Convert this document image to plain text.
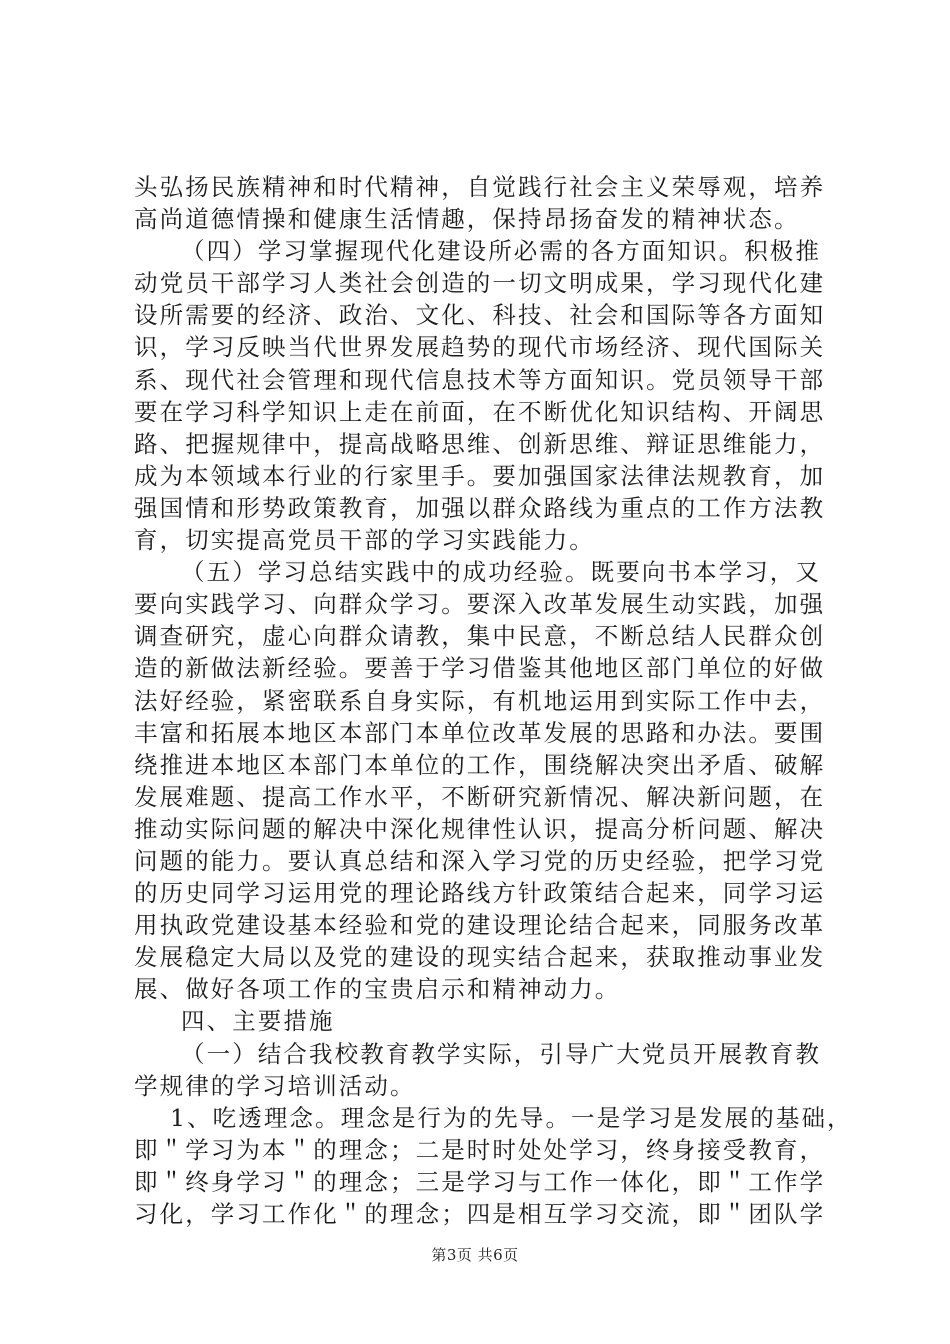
头弘扬民族精神和时代精神，自觉践行社会主义荣辱观，培养
高尚道德情操和健康生活情趣，保持昂扬奋发的精神状态。
（四）学习掌握现代化建设所必需的各方面知识。积极推
动党员干部学习人类社会创造的一切文明成果，学习现代化建
设所需要的经济、政治、文化、科技、社会和国际等各方面知
识，学习反映当代世界发展趋势的现代市场经济、现代国际关
系、现代社会管理和现代信息技术等方面知识。党员领导干部
要在学习科学知识上走在前面，在不断优化知识结构、开阔思
路、把握规律中，提高战略思维、创新思维、辩证思维能力，
成为本领域本行业的行家里手。要加强国家法律法规教育，加
强国情和形势政策教育，加强以群众路线为重点的工作方法教
育，切实提高党员干部的学习实践能力。
（五）学习总结实践中的成功经验。既要向书本学习，又
要向实践学习、向群众学习。要深入改革发展生动实践，加强
调查研究，虚心向群众请教，集中民意，不断总结人民群众创
造的新做法新经验。要善于学习借鉴其他地区部门单位的好做
法好经验，紧密联系自身实际，有机地运用到实际工作中去，
丰富和拓展本地区本部门本单位改革发展的思路和办法。要围
绕推进本地区本部门本单位的工作，围绕解决突出矛盾、破解
发展难题、提高工作水平，不断研究新情况、解决新问题，在
推动实际问题的解决中深化规律性认识，提高分析问题、解决
问题的能力。要认真总结和深入学习党的历史经验，把学习党
的历史同学习运用党的理论路线方针政策结合起来，同学习运
用执政党建设基本经验和党的建设理论结合起来，同服务改革
发展稳定大局以及党的建设的现实结合起来，获取推动事业发
展、做好各项工作的宝贵启示和精神动力。
四、主要措施
（一）结合我校教育教学实际，引导广大党员开展教育教
学规律的学习培训活动。
1、吃透理念。理念是行为的先导。一是学习是发展的基础，
即＂学习为本＂的理念；二是时时处处学习，终身接受教育，
即＂终身学习＂的理念；三是学习与工作一体化，即＂工作学
习化，学习工作化＂的理念；四是相互学习交流，即＂团队学
第3页 共6页
